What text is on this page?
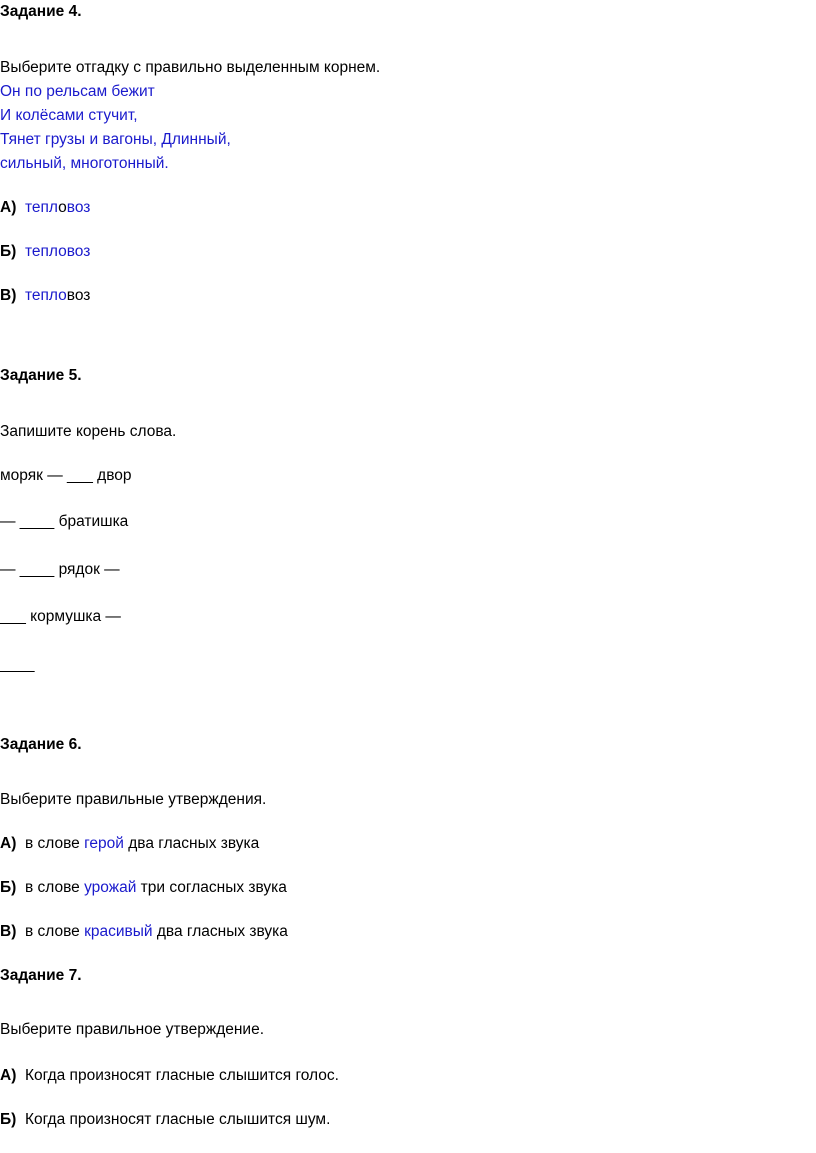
Задание 4.
Выберите отгадку с правильно выделенным корнем.
Он по рельсам бежит
И колёсами стучит,
Тянет грузы и вагоны, Длинный,
сильный, многотонный.
А) тепловоз
Б) тепловоз
В) тепловоз
Задание 5.
Запишите корень слова.
моряк — ___ двор
— ____ братишка
— ____ рядок —
___ кормушка —
____
Задание 6.
Выберите правильные утверждения.
А) в слове герой два гласных звука
Б) в слове урожай три согласных звука
В) в слове красивый два гласных звука
Задание 7.
Выберите правильное утверждение.
А) Когда произносят гласные слышится голос.
Б) Когда произносят гласные слышится шум.
